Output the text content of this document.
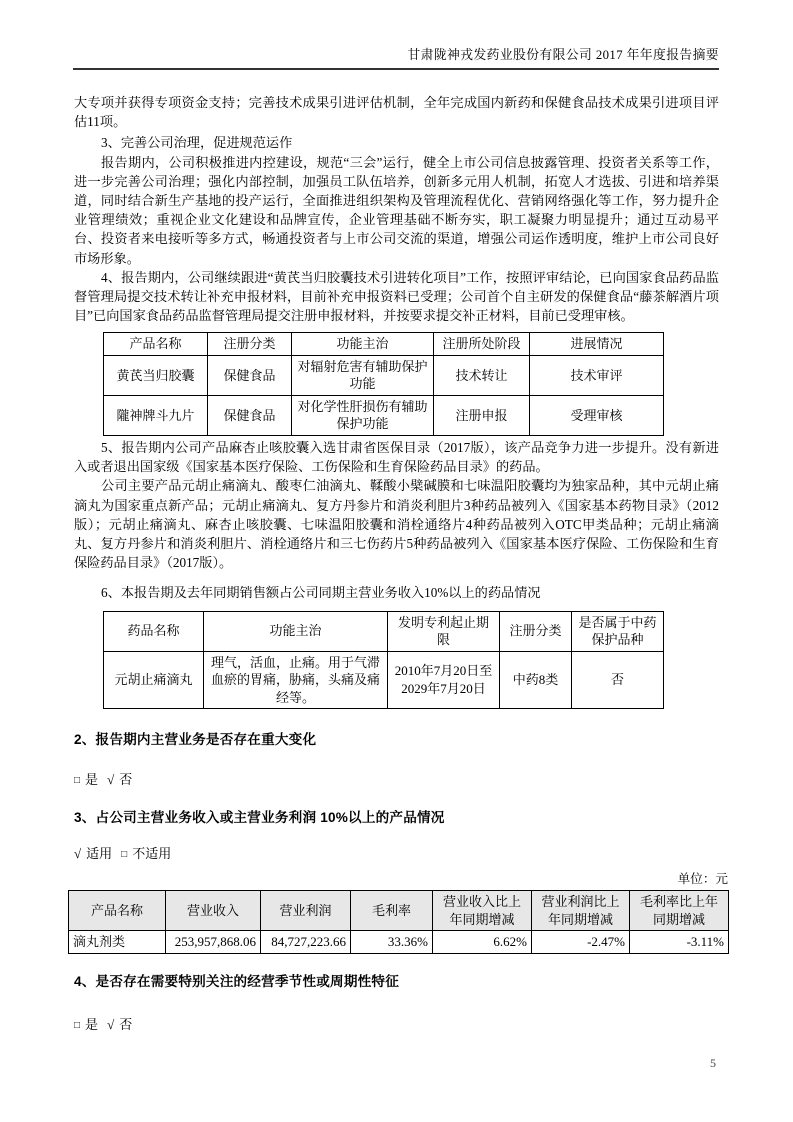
甘肃陇神戎发药业股份有限公司 2017 年年度报告摘要

大专项并获得专项资金支持；完善技术成果引进评估机制，全年完成国内新药和保健食品技术成果引进项目评估11项。

3、完善公司治理，促进规范运作

报告期内，公司积极推进内控建设，规范“三会”运行，健全上市公司信息披露管理、投资者关系等工作，进一步完善公司治理；强化内部控制，加强员工队伍培养，创新多元用人机制，拓宽人才选拔、引进和培养渠道，同时结合新生产基地的投产运行，全面推进组织架构及管理流程优化、营销网络强化等工作，努力提升企业管理绩效；重视企业文化建设和品牌宣传，企业管理基础不断夯实，职工凝聚力明显提升；通过互动易平台、投资者来电接听等多方式，畅通投资者与上市公司交流的渠道，增强公司运作透明度，维护上市公司良好市场形象。

4、报告期内，公司继续跟进“黄芪当归胶囊技术引进转化项目”工作，按照评审结论，已向国家食品药品监督管理局提交技术转让补充申报材料，目前补充申报资料已受理；公司首个自主研发的保健食品“藤茶解酒片项目”已向国家食品药品监督管理局提交注册申报材料，并按要求提交补正材料，目前已受理审核。

产品名称	注册分类	功能主治	注册所处阶段	进展情况
黄芪当归胶囊	保健食品	对辐射危害有辅助保护功能	技术转让	技术审评
隴神牌斗九片	保健食品	对化学性肝损伤有辅助保护功能	注册申报	受理审核

5、报告期内公司产品麻杏止咳胶囊入选甘肃省医保目录（2017版），该产品竞争力进一步提升。没有新进入或者退出国家级《国家基本医疗保险、工伤保险和生育保险药品目录》的药品。

公司主要产品元胡止痛滴丸、酸枣仁油滴丸、鞣酸小檗碱膜和七味温阳胶囊均为独家品种，其中元胡止痛滴丸为国家重点新产品；元胡止痛滴丸、复方丹参片和消炎利胆片3种药品被列入《国家基本药物目录》（2012版）；元胡止痛滴丸、麻杏止咳胶囊、七味温阳胶囊和消栓通络片4种药品被列入OTC甲类品种；元胡止痛滴丸、复方丹参片和消炎利胆片、消栓通络片和三七伤药片5种药品被列入《国家基本医疗保险、工伤保险和生育保险药品目录》（2017版）。

6、本报告期及去年同期销售额占公司同期主营业务收入10%以上的药品情况

药品名称	功能主治	发明专利起止期限	注册分类	是否属于中药保护品种
元胡止痛滴丸	理气，活血，止痛。用于气滞血瘀的胃痛，胁痛，头痛及痛经等。	2010年7月20日至2029年7月20日	中药8类	否
2、报告期内主营业务是否存在重大变化

□ 是 √ 否

3、占公司主营业务收入或主营业务利润 10%以上的产品情况

√ 适用 □ 不适用

单位：元
产品名称	营业收入	营业利润	毛利率	营业收入比上年同期增减	营业利润比上年同期增减	毛利率比上年同期增减
滴丸剂类	253,957,868.06	84,727,223.66	33.36%	6.62%	-2.47%	-3.11%
4、是否存在需要特别关注的经营季节性或周期性特征

□ 是 √ 否

5
